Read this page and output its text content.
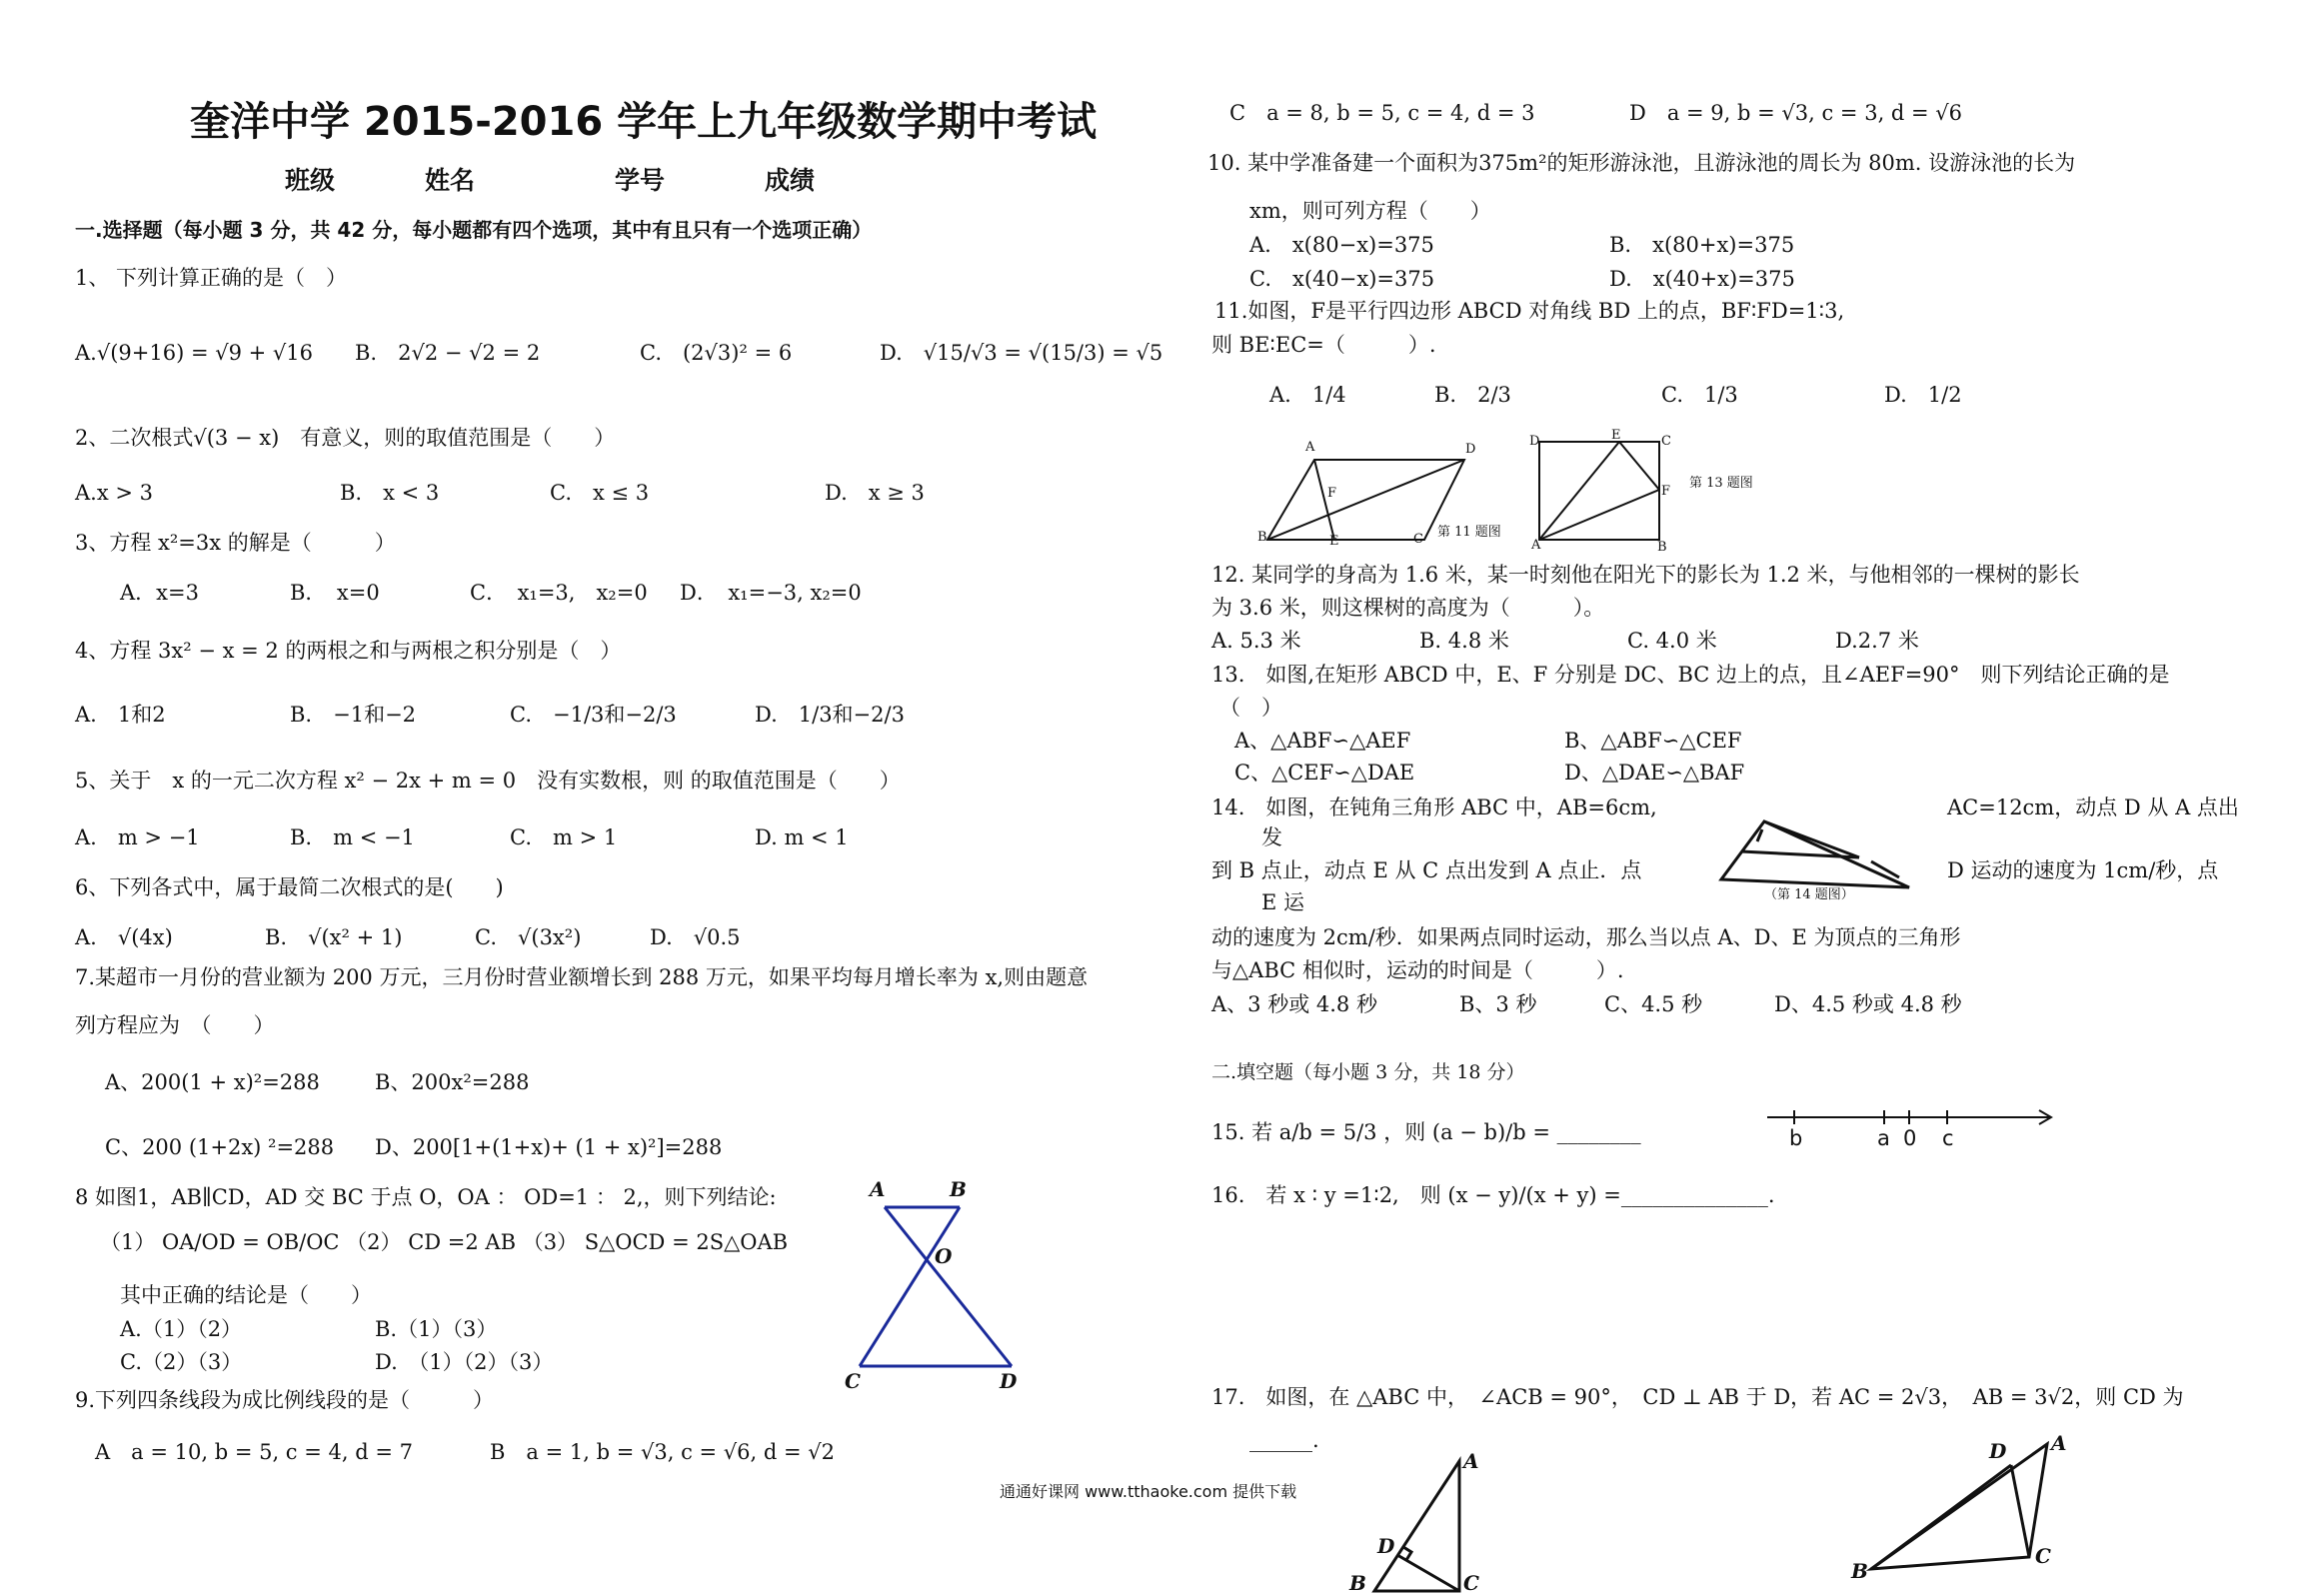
奎洋中学 2015-2016 学年上九年级数学期中考试
班级	姓名	学号	成绩
一.选择题（每小题 3 分，共 42 分，每小题都有四个选项，其中有且只有一个选项正确）
1、 下列计算正确的是（　）
A.√(9+16) = √9 + √16 B.　2√2 − √2 = 2	C.　(2√3)² = 6	D.　√15/√3 = √(15/3) = √5
2、二次根式√(3 − x)　有意义，则的取值范围是（　　）
A.x > 3	B.　x < 3	C.　x ≤ 3	D.　x ≥ 3
3、方程 x²=3x 的解是（　　　）
A．x=3	B．　x=0	C．　x₁=3,　x₂=0 D．　x₁=−3, x₂=0
4、方程 3x² − x = 2 的两根之和与两根之积分别是（　）
A.　1和2	B.　−1和−2	C.　−1/3和−2/3	D.　1/3和−2/3
5、关于　x 的一元二次方程 x² − 2x + m = 0　没有实数根，则 的取值范围是（　　）
A.　m > −1	B.　m < −1	C.　m > 1	D. m < 1
6、下列各式中，属于最简二次根式的是(　　)
A.　√(4x)	B.　√(x² + 1)	C.　√(3x²)	D.　√0.5
7.某超市一月份的营业额为 200 万元，三月份时营业额增长到 288 万元，如果平均每月增长率为 x,则由题意
列方程应为　（　　）
A、200(1 + x)²=288	B、200x²=288
C、200 (1+2x) ²=288 D、200[1+(1+x)+ (1 + x)²]=288
8 如图1，AB∥CD，AD 交 BC 于点 O，OA ： OD=1 ： 2,，则下列结论:
（1） OA/OD = OB/OC （2） CD =2 AB （3） S△OCD = 2S△OAB
其中正确的结论是（　　）
A.（1）（2）	B.（1）（3）
C.（2）（3）	D.　（1）（2）（3）
9.下列四条线段为成比例线段的是（　　　）
A　a = 10, b = 5, c = 4, d = 7	B　a = 1, b = √3, c = √6, d = √2
A	B
O
C	D
C　a = 8, b = 5, c = 4, d = 3	D　a = 9, b = √3, c = 3, d = √6
10. 某中学准备建一个面积为375m²的矩形游泳池，且游泳池的周长为 80m. 设游泳池的长为
xm，则可列方程（　　）
A.　x(80−x)=375	B.　x(80+x)=375
C.　x(40−x)=375	D.　x(40+x)=375
11.如图，F是平行四边形 ABCD 对角线 BD 上的点，BF∶FD=1∶3,
则 BE∶EC=（　　　）.
A.　1/4	B.　2/3	C.　1/3	D.　1/2
A	D
F
B	E	C 第 11 题图
D	E	C
F
A	B
第 13 题图
12. 某同学的身高为 1.6 米，某一时刻他在阳光下的影长为 1.2 米，与他相邻的一棵树的影长
为 3.6 米，则这棵树的高度为（　　　）。
A. 5.3 米	B. 4.8 米	C. 4.0 米	D.2.7 米
13.　如图,在矩形 ABCD 中，E、F 分别是 DC、BC 边上的点，且∠AEF=90°　则下列结论正确的是
（　）
A、△ABF∽△AEF	B、△ABF∽△CEF
C、△CEF∽△DAE	D、△DAE∽△BAF
14.　如图，在钝角三角形 ABC 中，AB=6cm,	AC=12cm，动点 D 从 A 点出
发
到 B 点止，动点 E 从 C 点出发到 A 点止．点	D 运动的速度为 1cm/秒，点
E 运
动的速度为 2cm/秒．如果两点同时运动，那么当以点 A、D、E 为顶点的三角形
与△ABC 相似时，运动的时间是（　　　）.
A、3 秒或 4.8 秒	B、3 秒	C、4.5 秒	D、4.5 秒或 4.8 秒
（第 14 题图）
二.填空题（每小题 3 分，共 18 分）
15. 若 a/b = 5/3 ，则 (a − b)/b = ________	b	a 0 c
16.　若 x ∶ y =1∶2,　则 (x − y)/(x + y) =______________.
17.　如图，在 △ABC 中，　∠ACB = 90°，　CD ⊥ AB 于 D，若 AC = 2√3，　AB = 3√2，则 CD 为
______.
通通好课网 www.tthaoke.com 提供下载
A
D
B	C
A
D
C
B
